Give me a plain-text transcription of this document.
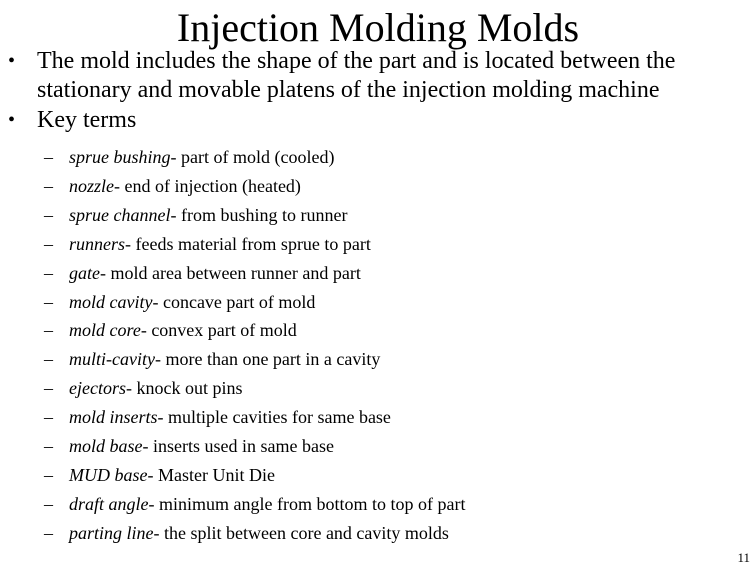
Injection Molding Molds
• The mold includes the shape of the part and is located between the stationary and movable platens of the injection molding machine
• Key terms
– sprue bushing- part of mold (cooled)
– nozzle- end of injection (heated)
– sprue channel- from bushing to runner
– runners- feeds material from sprue to part
– gate- mold area between runner and part
– mold cavity- concave part of mold
– mold core- convex part of mold
– multi-cavity- more than one part in a cavity
– ejectors- knock out pins
– mold inserts- multiple cavities for same base
– mold base- inserts used in same base
– MUD base- Master Unit Die
– draft angle- minimum angle from bottom to top of part
– parting line- the split between core and cavity molds
11
